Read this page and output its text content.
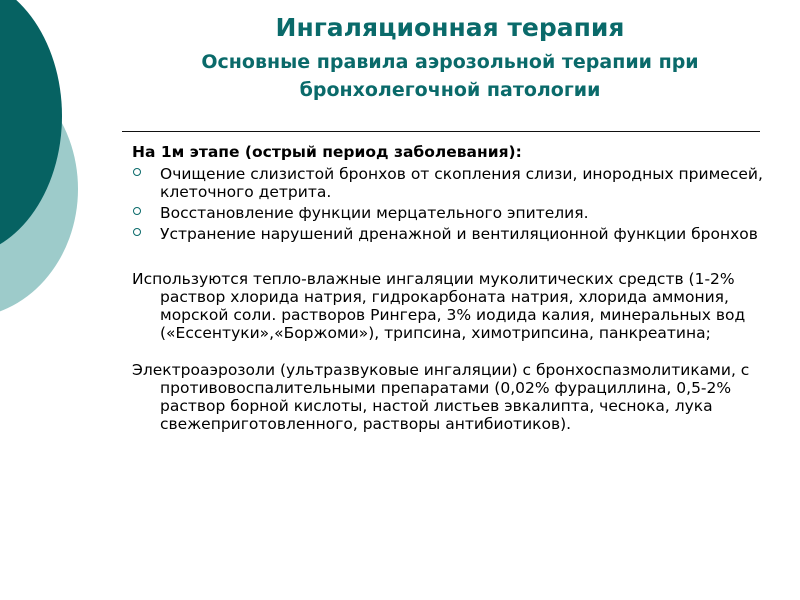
Ингаляционная терапия
Основные правила аэрозольной терапии при бронхолегочной патологии
На 1м этапе (острый период заболевания):
Очищение слизистой бронхов от скопления слизи, инородных примесей, клеточного детрита.
Восстановление функции мерцательного эпителия.
Устранение нарушений дренажной и вентиляционной функции бронхов
Используются тепло-влажные ингаляции муколитических средств (1-2% раствор хлорида натрия, гидрокарбоната натрия, хлорида аммония, морской соли. растворов Рингера, 3% иодида калия, минеральных вод («Ессентуки»,«Боржоми»), трипсина, химотрипсина, панкреатина;
Электроаэрозоли (ультразвуковые ингаляции) с бронхоспазмолитиками, с противовоспалительными препаратами (0,02% фурациллина, 0,5-2% раствор борной кислоты, настой листьев эвкалипта, чеснока, лука свежеприготовленного, растворы антибиотиков).
